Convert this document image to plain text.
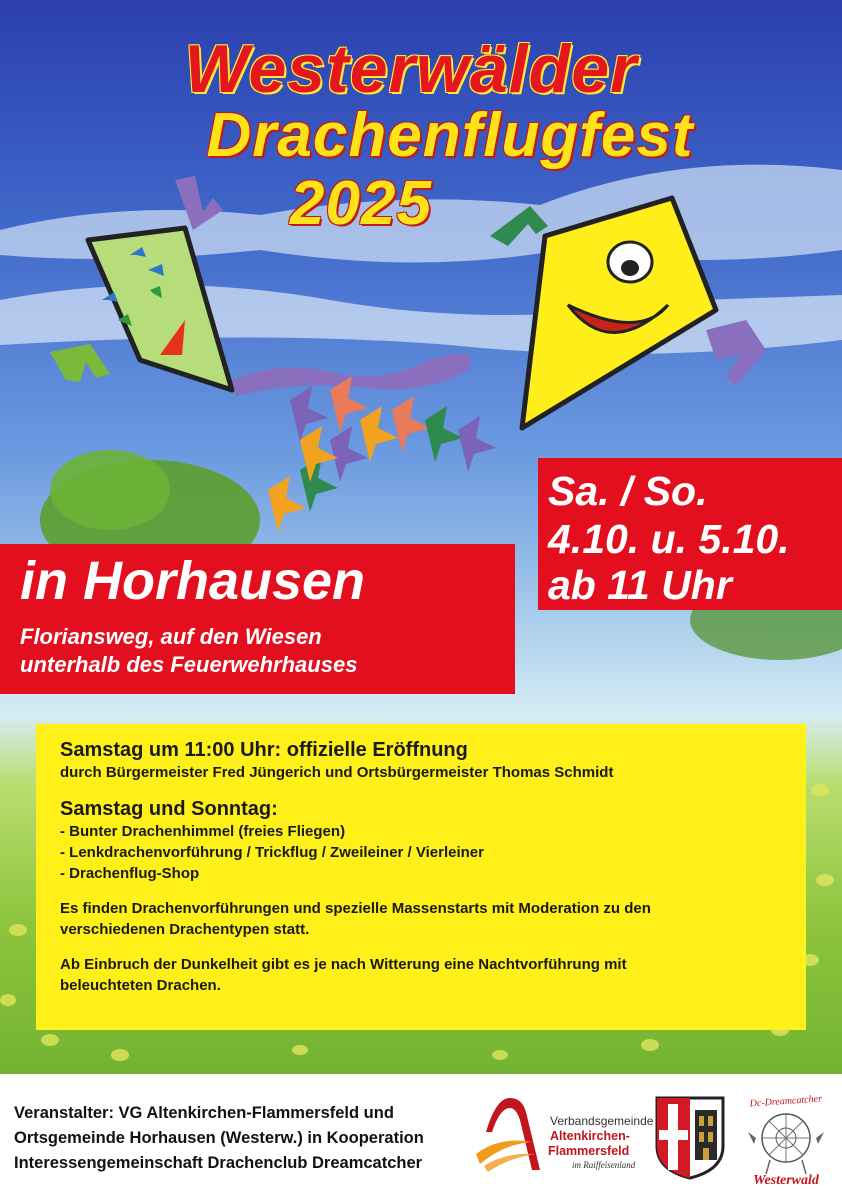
Westerwälder
Drachenflugfest
2025
Sa. / So.
4.10. u. 5.10.
ab 11 Uhr
in Horhausen
Floriansweg, auf den Wiesen
unterhalb des Feuerwehrhauses

Samstag um 11:00 Uhr: offizielle Eröffnung

durch Bürgermeister Fred Jüngerich und Ortsbürgermeister Thomas Schmidt

Samstag und Sonntag:

- Bunter Drachenhimmel (freies Fliegen)

- Lenkdrachenvorführung / Trickflug / Zweileiner / Vierleiner

- Drachenflug-Shop

Es finden Drachenvorführungen und spezielle Massenstarts mit Moderation zu den

verschiedenen Drachentypen statt.

Ab Einbruch der Dunkelheit gibt es je nach Witterung eine Nachtvorführung mit

beleuchteten Drachen.

Veranstalter: VG Altenkirchen-Flammersfeld und
Ortsgemeinde Horhausen (Westerw.) in Kooperation
Interessengemeinschaft Drachenclub Dreamcatcher
Verbandsgemeinde
Altenkirchen-
Flammersfeld
im Raiffeisenland
Dc-Dreamcatcher
Westerwald
